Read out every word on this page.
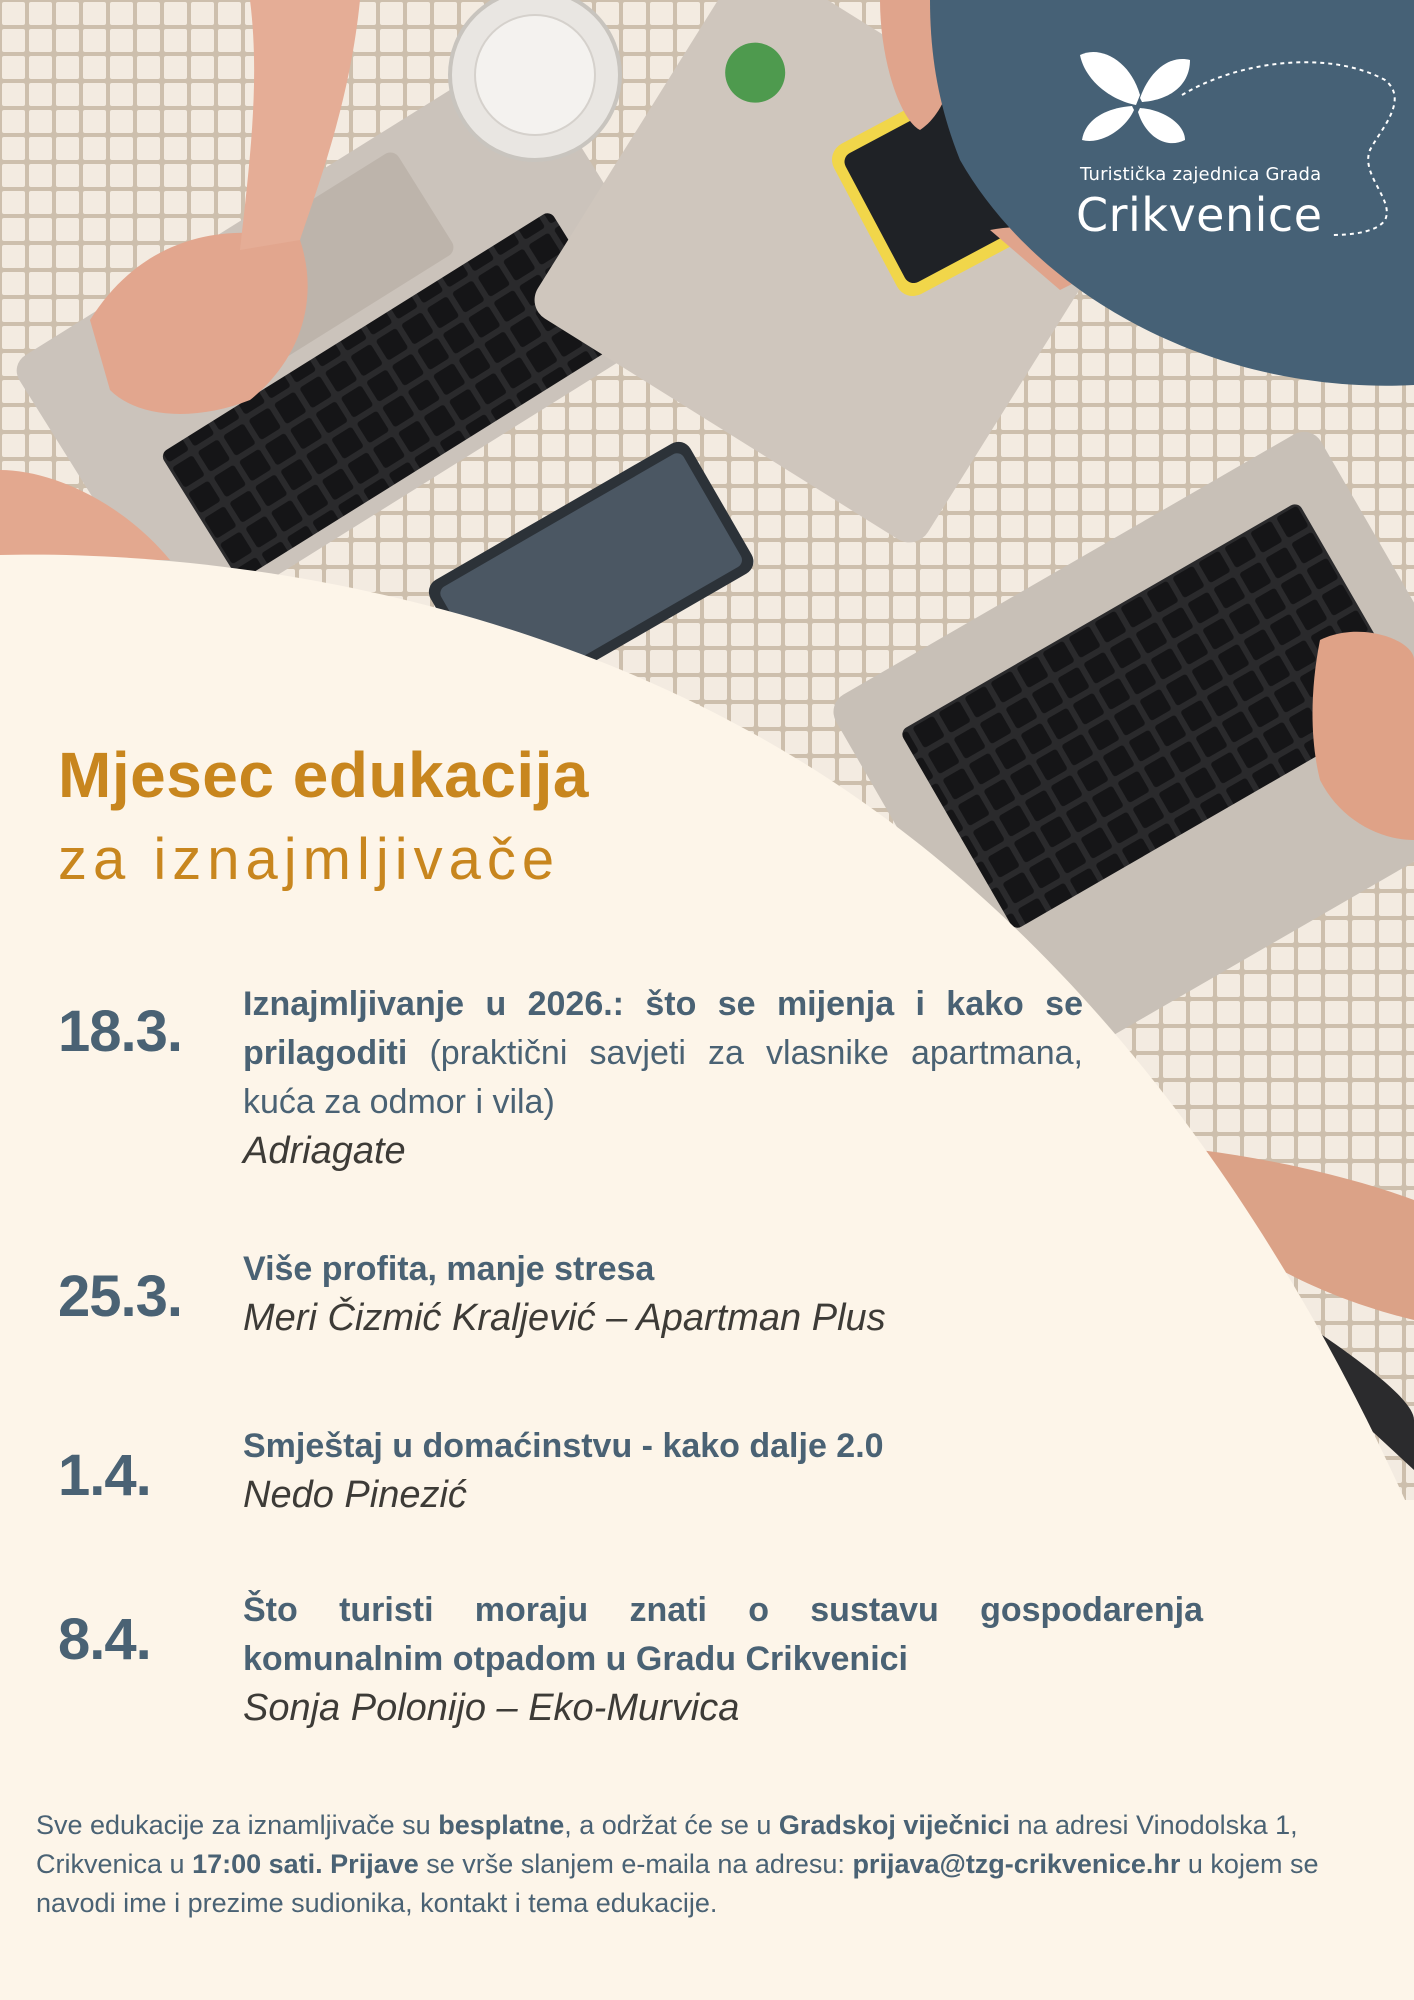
Turistička zajednica Grada
Crikvenice
Mjesec edukacija
za iznajmljivače
18.3. Iznajmljivanje u 2026.: što se mijenja i kako se prilagoditi (praktični savjeti za vlasnike apartmana, kuća za odmor i vila)
Adriagate
25.3. Više profita, manje stresa
Meri Čizmić Kraljević – Apartman Plus
1.4.	Smještaj u domaćinstvu - kako dalje 2.0
Nedo Pinezić
8.4.	Što turisti moraju znati o sustavu gospodarenja komunalnim otpadom u Gradu Crikvenici
Sonja Polonijo – Eko-Murvica

Sve edukacije za iznamljivače su besplatne, a održat će se u Gradskoj viječnici na adresi Vinodolska 1, Crikvenica u 17:00 sati. Prijave se vrše slanjem e-maila na adresu: prijava@tzg-crikvenice.hr u kojem se navodi ime i prezime sudionika, kontakt i tema edukacije.
